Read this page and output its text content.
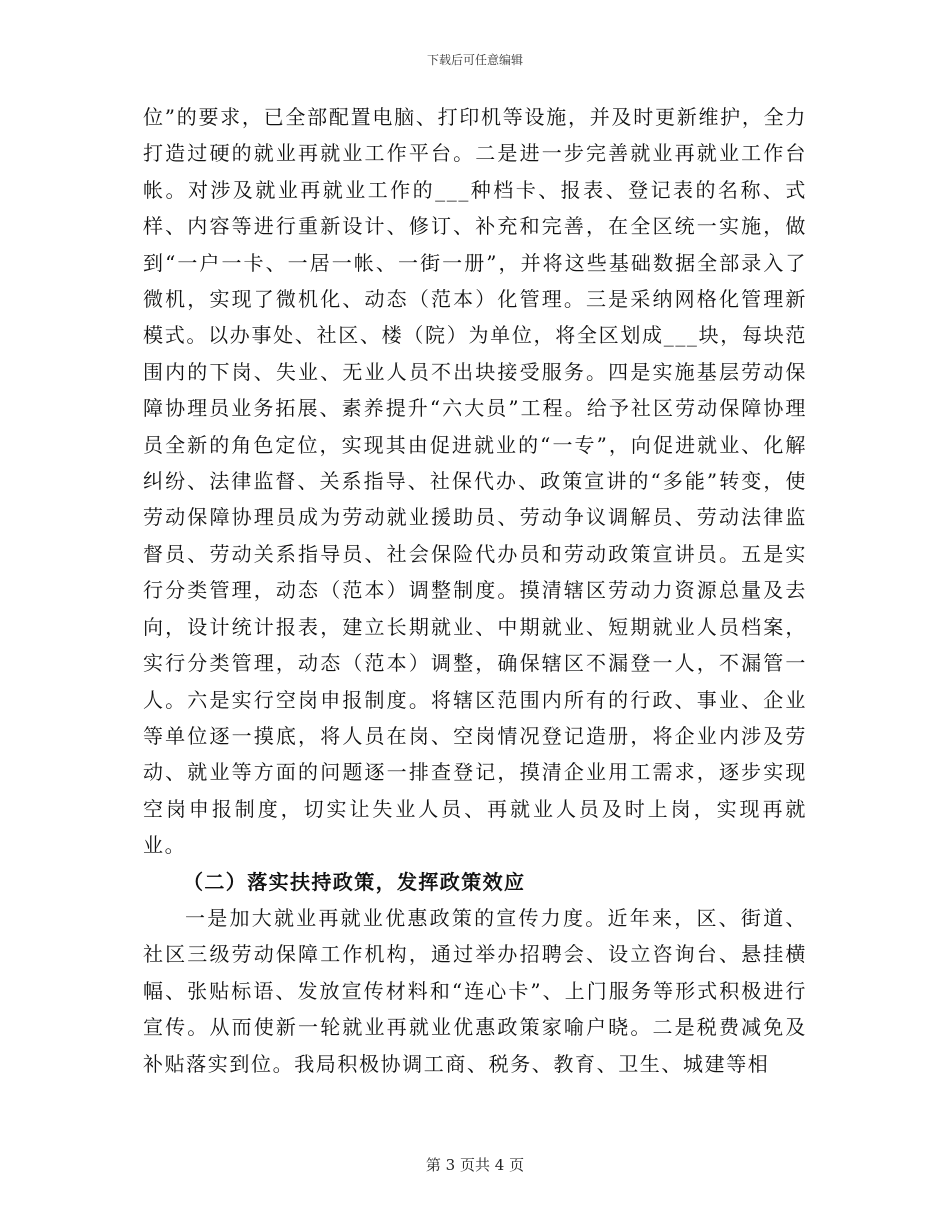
下载后可任意编辑

位”的要求，已全部配置电脑、打印机等设施，并及时更新维护，全力打造过硬的就业再就业工作平台。二是进一步完善就业再就业工作台帐。对涉及就业再就业工作的___种档卡、报表、登记表的名称、式样、内容等进行重新设计、修订、补充和完善，在全区统一实施，做到“一户一卡、一居一帐、一街一册”，并将这些基础数据全部录入了微机，实现了微机化、动态（范本）化管理。三是采纳网格化管理新模式。以办事处、社区、楼（院）为单位，将全区划成___块，每块范围内的下岗、失业、无业人员不出块接受服务。四是实施基层劳动保障协理员业务拓展、素养提升“六大员”工程。给予社区劳动保障协理员全新的角色定位，实现其由促进就业的“一专”，向促进就业、化解纠纷、法律监督、关系指导、社保代办、政策宣讲的“多能”转变，使劳动保障协理员成为劳动就业援助员、劳动争议调解员、劳动法律监督员、劳动关系指导员、社会保险代办员和劳动政策宣讲员。五是实行分类管理，动态（范本）调整制度。摸清辖区劳动力资源总量及去向，设计统计报表，建立长期就业、中期就业、短期就业人员档案，实行分类管理，动态（范本）调整，确保辖区不漏登一人，不漏管一人。六是实行空岗申报制度。将辖区范围内所有的行政、事业、企业等单位逐一摸底，将人员在岗、空岗情况登记造册，将企业内涉及劳动、就业等方面的问题逐一排查登记，摸清企业用工需求，逐步实现空岗申报制度，切实让失业人员、再就业人员及时上岗，实现再就业。

（二）落实扶持政策，发挥政策效应

一是加大就业再就业优惠政策的宣传力度。近年来，区、街道、社区三级劳动保障工作机构，通过举办招聘会、设立咨询台、悬挂横幅、张贴标语、发放宣传材料和“连心卡”、上门服务等形式积极进行宣传。从而使新一轮就业再就业优惠政策家喻户晓。二是税费减免及补贴落实到位。我局积极协调工商、税务、教育、卫生、城建等相

第 3 页共 4 页
